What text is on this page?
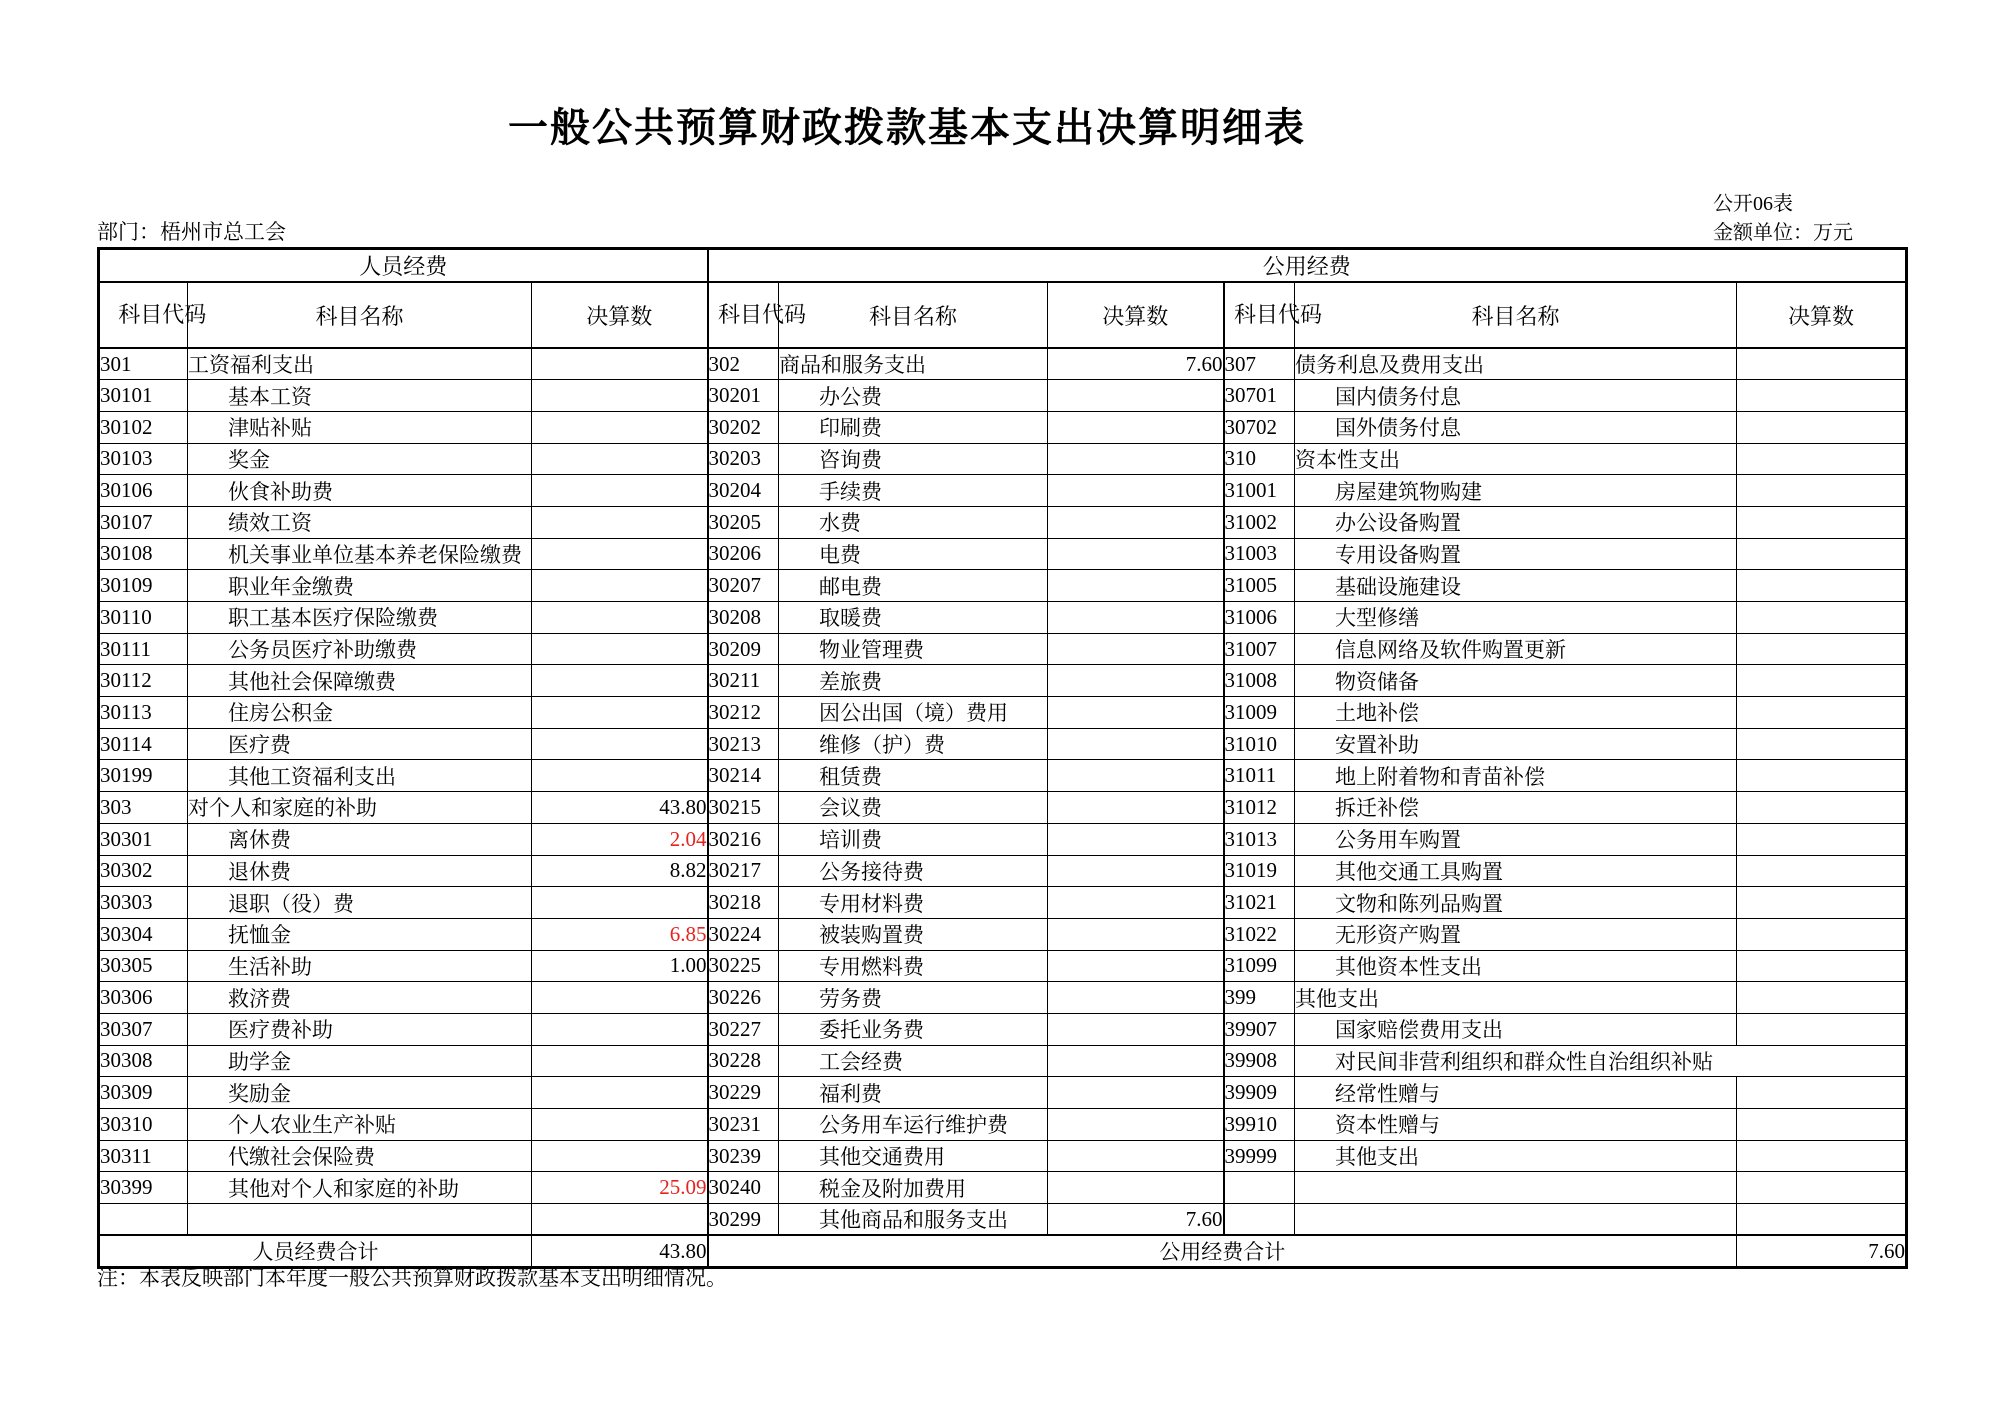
一般公共预算财政拨款基本支出决算明细表
公开06表
金额单位：万元
部门：梧州市总工会
人员经费			公用经费					
科目代码	科目名称	决算数	科目代码	科目名称	决算数	科目代码	科目名称	决算数
301	工资福利支出		302	商品和服务支出	7.60	307	债务利息及费用支出	
30101	基本工资		30201	办公费		30701	国内债务付息	
30102	津贴补贴		30202	印刷费		30702	国外债务付息	
30103	奖金		30203	咨询费		310	资本性支出	
30106	伙食补助费		30204	手续费		31001	房屋建筑物购建	
30107	绩效工资		30205	水费		31002	办公设备购置	
30108	机关事业单位基本养老保险缴费		30206	电费		31003	专用设备购置	
30109	职业年金缴费		30207	邮电费		31005	基础设施建设	
30110	职工基本医疗保险缴费		30208	取暖费		31006	大型修缮	
30111	公务员医疗补助缴费		30209	物业管理费		31007	信息网络及软件购置更新	
30112	其他社会保障缴费		30211	差旅费		31008	物资储备	
30113	住房公积金		30212	因公出国（境）费用		31009	土地补偿	
30114	医疗费		30213	维修（护）费		31010	安置补助	
30199	其他工资福利支出		30214	租赁费		31011	地上附着物和青苗补偿	
303	对个人和家庭的补助	43.80	30215	会议费		31012	拆迁补偿	
30301	离休费	2.04	30216	培训费		31013	公务用车购置	
30302	退休费	8.82	30217	公务接待费		31019	其他交通工具购置	
30303	退职（役）费		30218	专用材料费		31021	文物和陈列品购置	
30304	抚恤金	6.85	30224	被装购置费		31022	无形资产购置	
30305	生活补助	1.00	30225	专用燃料费		31099	其他资本性支出	
30306	救济费		30226	劳务费		399	其他支出	
30307	医疗费补助		30227	委托业务费		39907	国家赔偿费用支出	
30308	助学金		30228	工会经费		39908	对民间非营利组织和群众性自治组织补贴	
30309	奖励金		30229	福利费		39909	经常性赠与	
30310	个人农业生产补贴		30231	公务用车运行维护费		39910	资本性赠与	
30311	代缴社会保险费		30239	其他交通费用		39999	其他支出	
30399	其他对个人和家庭的补助	25.09	30240	税金及附加费用				
			30299	其他商品和服务支出	7.60			
人员经费合计		43.80	公用经费合计					7.60
注：本表反映部门本年度一般公共预算财政拨款基本支出明细情况。
